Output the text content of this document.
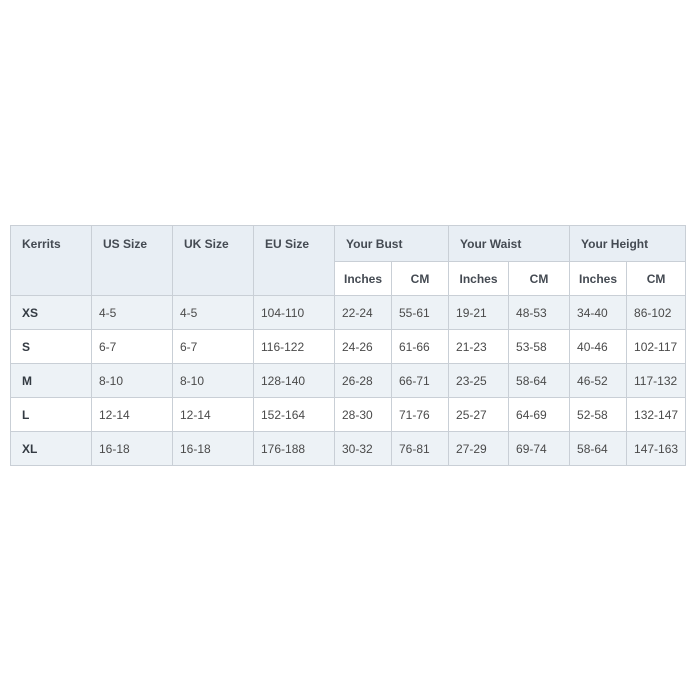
Kerrits	US Size	UK Size	EU Size	Your Bust		Your Waist		Your Height	
				Inches	CM	Inches	CM	Inches	CM
XS	4-5	4-5	104-110	22-24	55-61	19-21	48-53	34-40	86-102
S	6-7	6-7	116-122	24-26	61-66	21-23	53-58	40-46	102-117
M	8-10	8-10	128-140	26-28	66-71	23-25	58-64	46-52	117-132
L	12-14	12-14	152-164	28-30	71-76	25-27	64-69	52-58	132-147
XL	16-18	16-18	176-188	30-32	76-81	27-29	69-74	58-64	147-163
